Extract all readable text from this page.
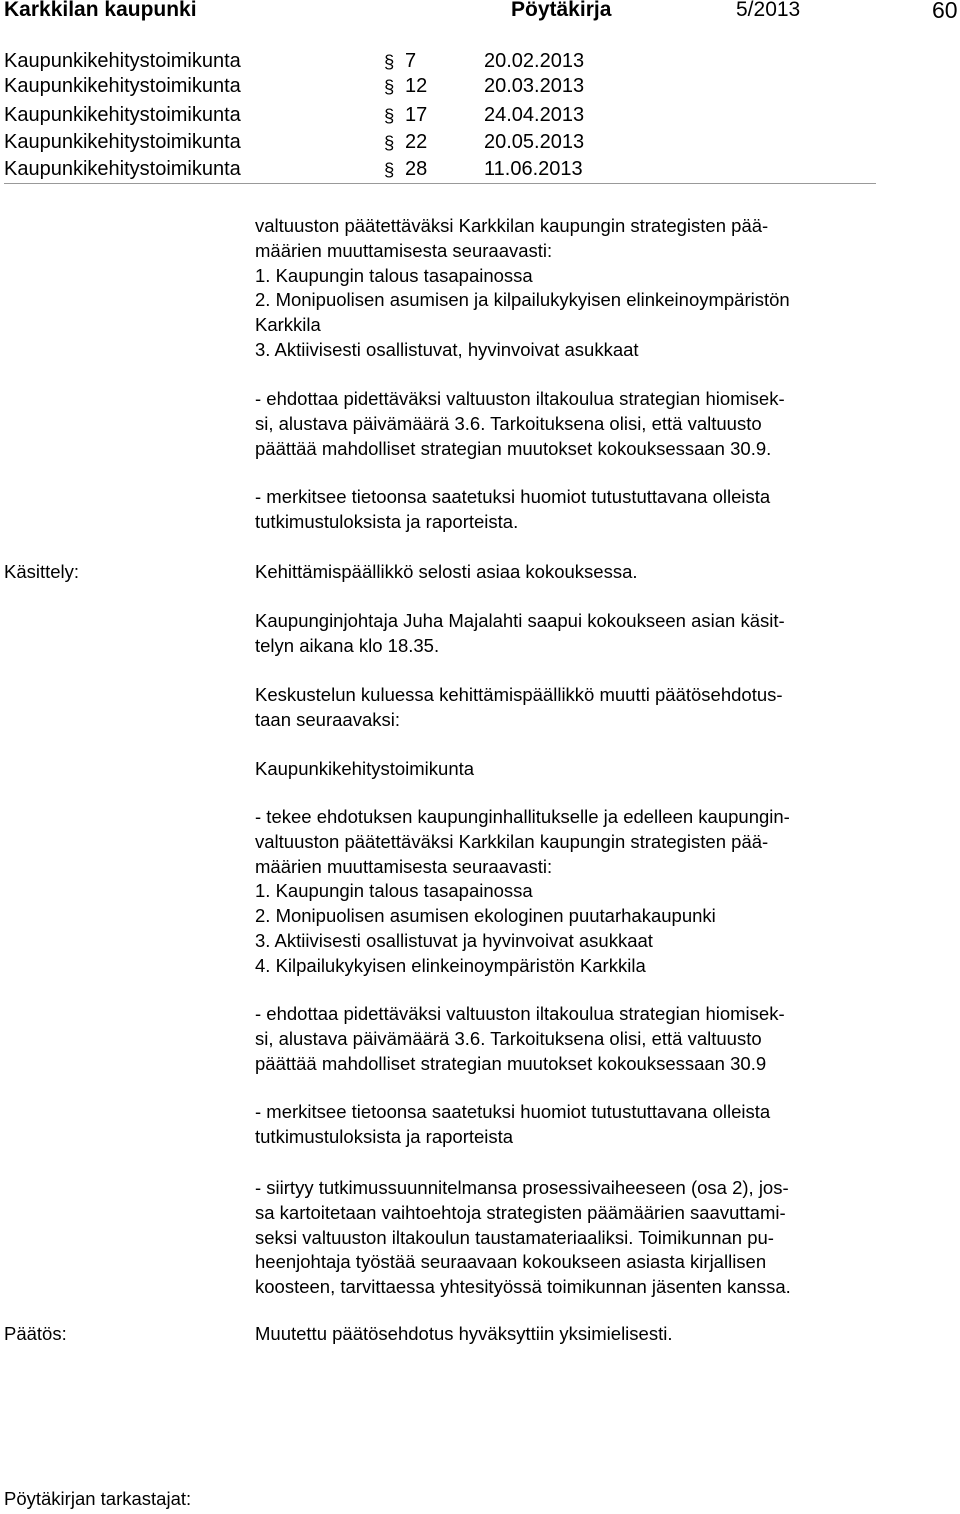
Karkkilan kaupunki	Pöytäkirja	5/2013	60
Kaupunkikehitystoimikunta	§ 7	20.02.2013
Kaupunkikehitystoimikunta	§ 12	20.03.2013
Kaupunkikehitystoimikunta	§ 17	24.04.2013
Kaupunkikehitystoimikunta	§ 22	20.05.2013
Kaupunkikehitystoimikunta	§ 28	11.06.2013
valtuuston päätettäväksi Karkkilan kaupungin strategisten pää-
määrien muuttamisesta seuraavasti:
1. Kaupungin talous tasapainossa
2. Monipuolisen asumisen ja kilpailukykyisen elinkeinoympäristön
Karkkila
3. Aktiivisesti osallistuvat, hyvinvoivat asukkaat
- ehdottaa pidettäväksi valtuuston iltakoulua strategian hiomisek-
si, alustava päivämäärä 3.6. Tarkoituksena olisi, että valtuusto
päättää mahdolliset strategian muutokset kokouksessaan 30.9.
- merkitsee tietoonsa saatetuksi huomiot tutustuttavana olleista
tutkimustuloksista ja raporteista.
Käsittely:	Kehittämispäällikkö selosti asiaa kokouksessa.
Kaupunginjohtaja Juha Majalahti saapui kokoukseen asian käsit-
telyn aikana klo 18.35.
Keskustelun kuluessa kehittämispäällikkö muutti päätösehdotus-
taan seuraavaksi:
Kaupunkikehitystoimikunta
- tekee ehdotuksen kaupunginhallitukselle ja edelleen kaupungin-
valtuuston päätettäväksi Karkkilan kaupungin strategisten pää-
määrien muuttamisesta seuraavasti:
1. Kaupungin talous tasapainossa
2. Monipuolisen asumisen ekologinen puutarhakaupunki
3. Aktiivisesti osallistuvat ja hyvinvoivat asukkaat
4. Kilpailukykyisen elinkeinoympäristön Karkkila
- ehdottaa pidettäväksi valtuuston iltakoulua strategian hiomisek-
si, alustava päivämäärä 3.6. Tarkoituksena olisi, että valtuusto
päättää mahdolliset strategian muutokset kokouksessaan 30.9
- merkitsee tietoonsa saatetuksi huomiot tutustuttavana olleista
tutkimustuloksista ja raporteista
- siirtyy tutkimussuunnitelmansa prosessivaiheeseen (osa 2), jos-
sa kartoitetaan vaihtoehtoja strategisten päämäärien saavuttami-
seksi valtuuston iltakoulun taustamateriaaliksi. Toimikunnan pu-
heenjohtaja työstää seuraavaan kokoukseen asiasta kirjallisen
koosteen, tarvittaessa yhtesityössä toimikunnan jäsenten kanssa.
Päätös:	Muutettu päätösehdotus hyväksyttiin yksimielisesti.
Pöytäkirjan tarkastajat:
